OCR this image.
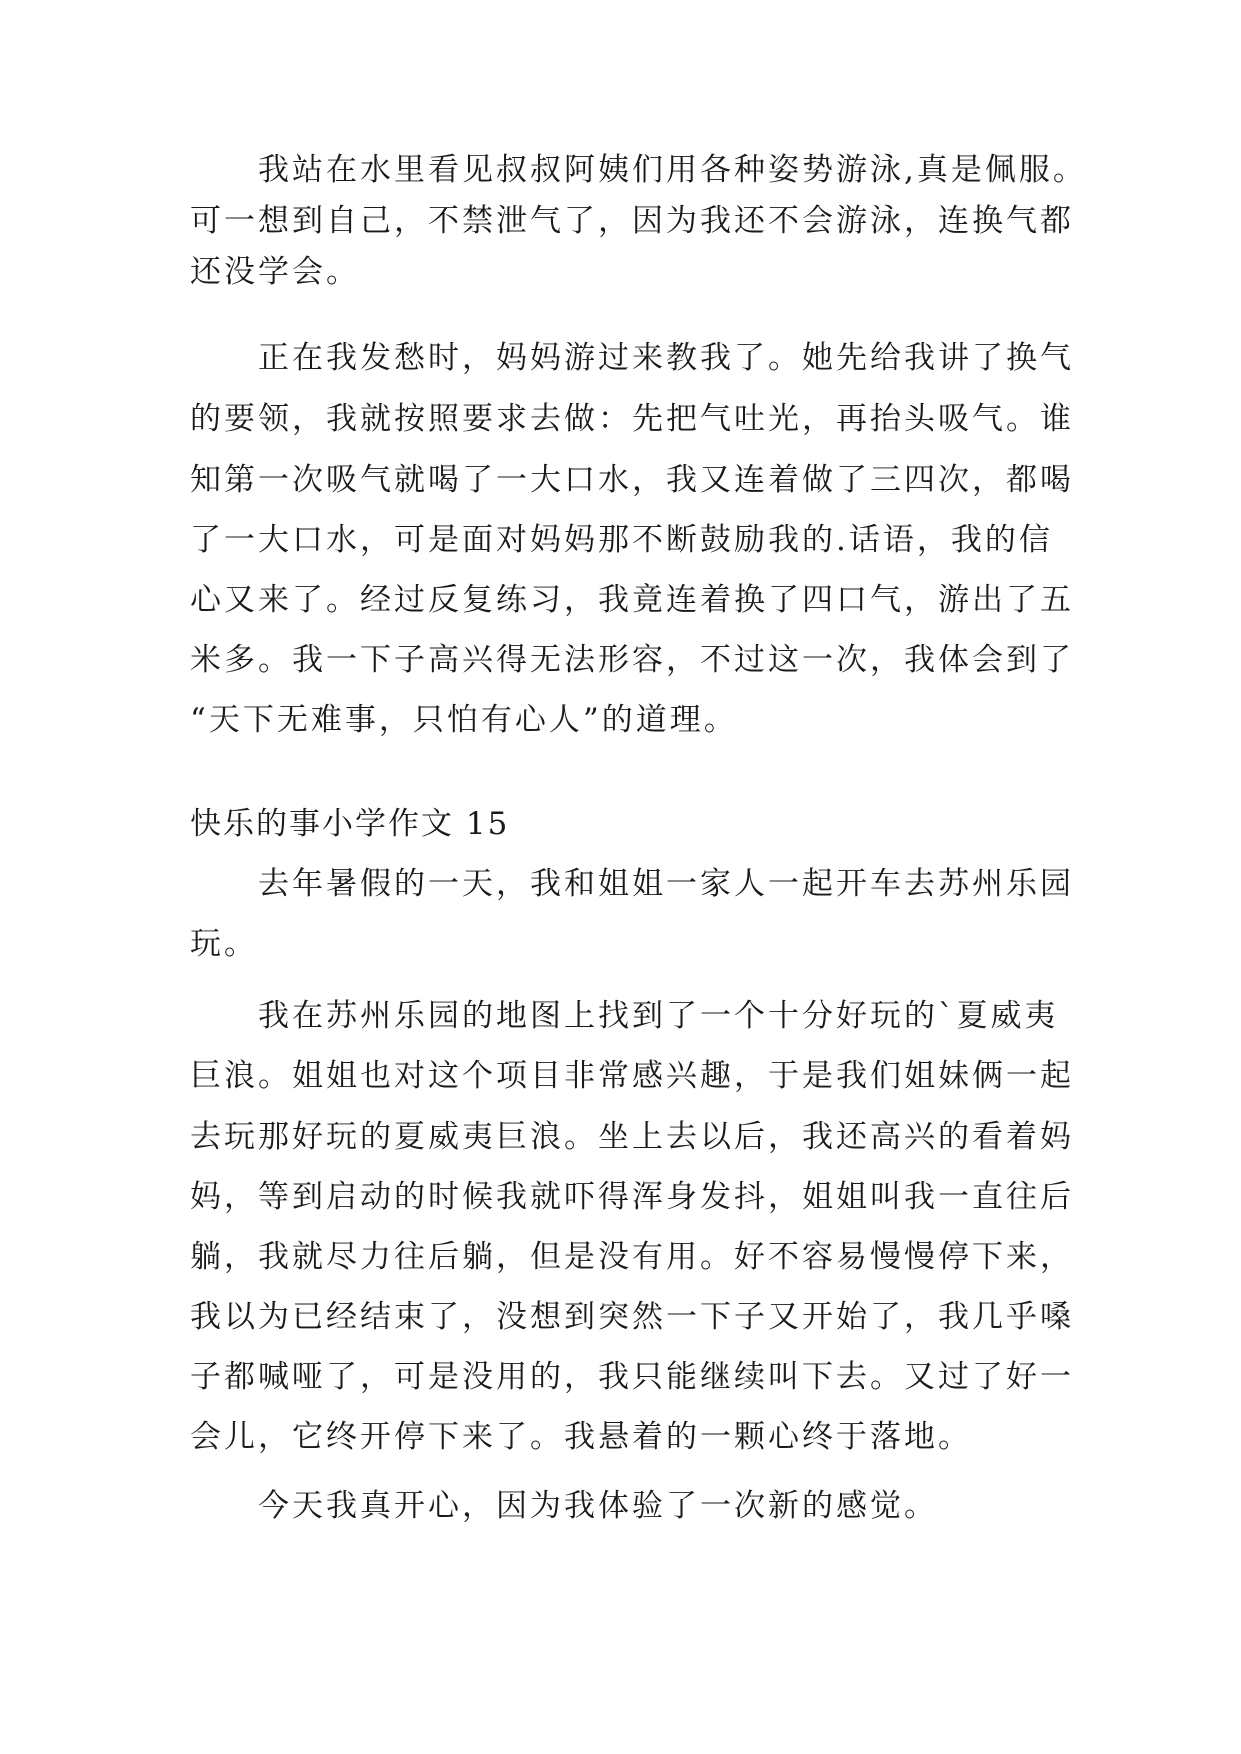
我站在水里看见叔叔阿姨们用各种姿势游泳,真是佩服。

可一想到自己，不禁泄气了，因为我还不会游泳，连换气都

还没学会。

正在我发愁时，妈妈游过来教我了。她先给我讲了换气

的要领，我就按照要求去做：先把气吐光，再抬头吸气。谁

知第一次吸气就喝了一大口水，我又连着做了三四次，都喝

了一大口水，可是面对妈妈那不断鼓励我的.话语，我的信

心又来了。经过反复练习，我竟连着换了四口气，游出了五

米多。我一下子高兴得无法形容，不过这一次，我体会到了

“天下无难事，只怕有心人”的道理。

快乐的事小学作文 15

去年暑假的一天，我和姐姐一家人一起开车去苏州乐园

玩。

我在苏州乐园的地图上找到了一个十分好玩的`夏威夷

巨浪。姐姐也对这个项目非常感兴趣，于是我们姐妹俩一起

去玩那好玩的夏威夷巨浪。坐上去以后，我还高兴的看着妈

妈，等到启动的时候我就吓得浑身发抖，姐姐叫我一直往后

躺，我就尽力往后躺，但是没有用。好不容易慢慢停下来，

我以为已经结束了，没想到突然一下子又开始了，我几乎嗓

子都喊哑了，可是没用的，我只能继续叫下去。又过了好一

会儿，它终开停下来了。我悬着的一颗心终于落地。

今天我真开心，因为我体验了一次新的感觉。
